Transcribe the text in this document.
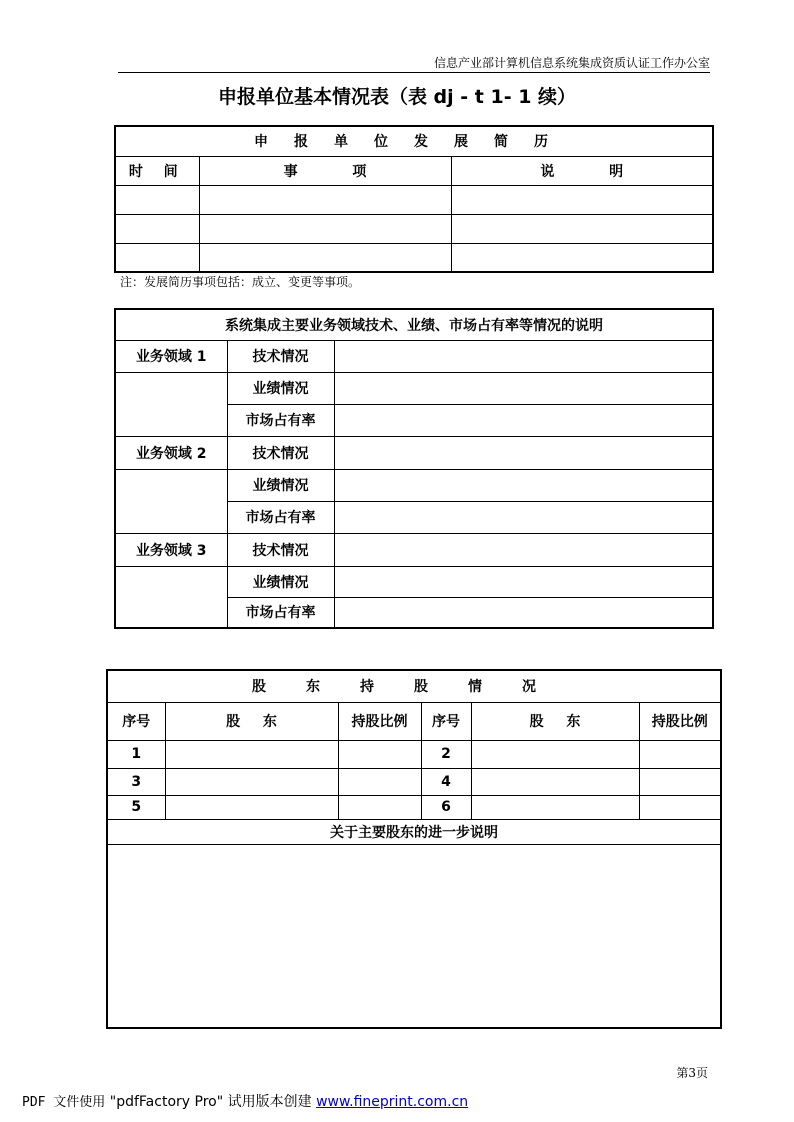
信息产业部计算机信息系统集成资质认证工作办公室
申报单位基本情况表（表 dj - t 1- 1 续）
申报单位发展简历		
时 间	事 项	说 明

注：发展简历事项包括：成立、变更等事项。
系统集成主要业务领域技术、业绩、市场占有率等情况的说明		
业务领域 1	技术情况	
	业绩情况	
	市场占有率	
业务领域 2	技术情况	
	业绩情况	
	市场占有率	
业务领域 3	技术情况	
	业绩情况	
	市场占有率	
股东持股情况					
序号	股 东	持股比例	序号	股 东	持股比例
1			2		
3			4		
5			6		
关于主要股东的进一步说明					

第3页
PDF 文件使用 "pdfFactory Pro" 试用版本创建 www.fineprint.com.cn
